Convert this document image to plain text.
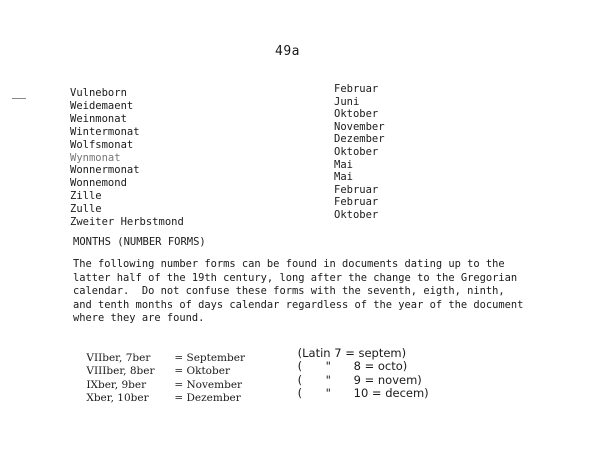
49a
Vulneborn
Weidemaent
Weinmonat
Wintermonat
Wolfsmonat
Wynmonat
Wonnermonat
Wonnemond
Zille
Zulle
Zweiter Herbstmond
Februar
Juni
Oktober
November
Dezember
Oktober
Mai
Mai
Februar
Februar
Oktober
MONTHS (NUMBER FORMS)
The following number forms can be found in documents dating up to the
latter half of the 19th century, long after the change to the Gregorian
calendar.  Do not confuse these forms with the seventh, eigth, ninth,
and tenth months of days calendar regardless of the year of the document
where they are found.

VIIber, 7ber = September

VIIIber, 8ber = Oktober

IXber, 9ber	= November

Xber, 10ber = Dezember

(Latin 7 = septem)

( " 8 = octo)

( " 9 = novem)

( " 10 = decem)
